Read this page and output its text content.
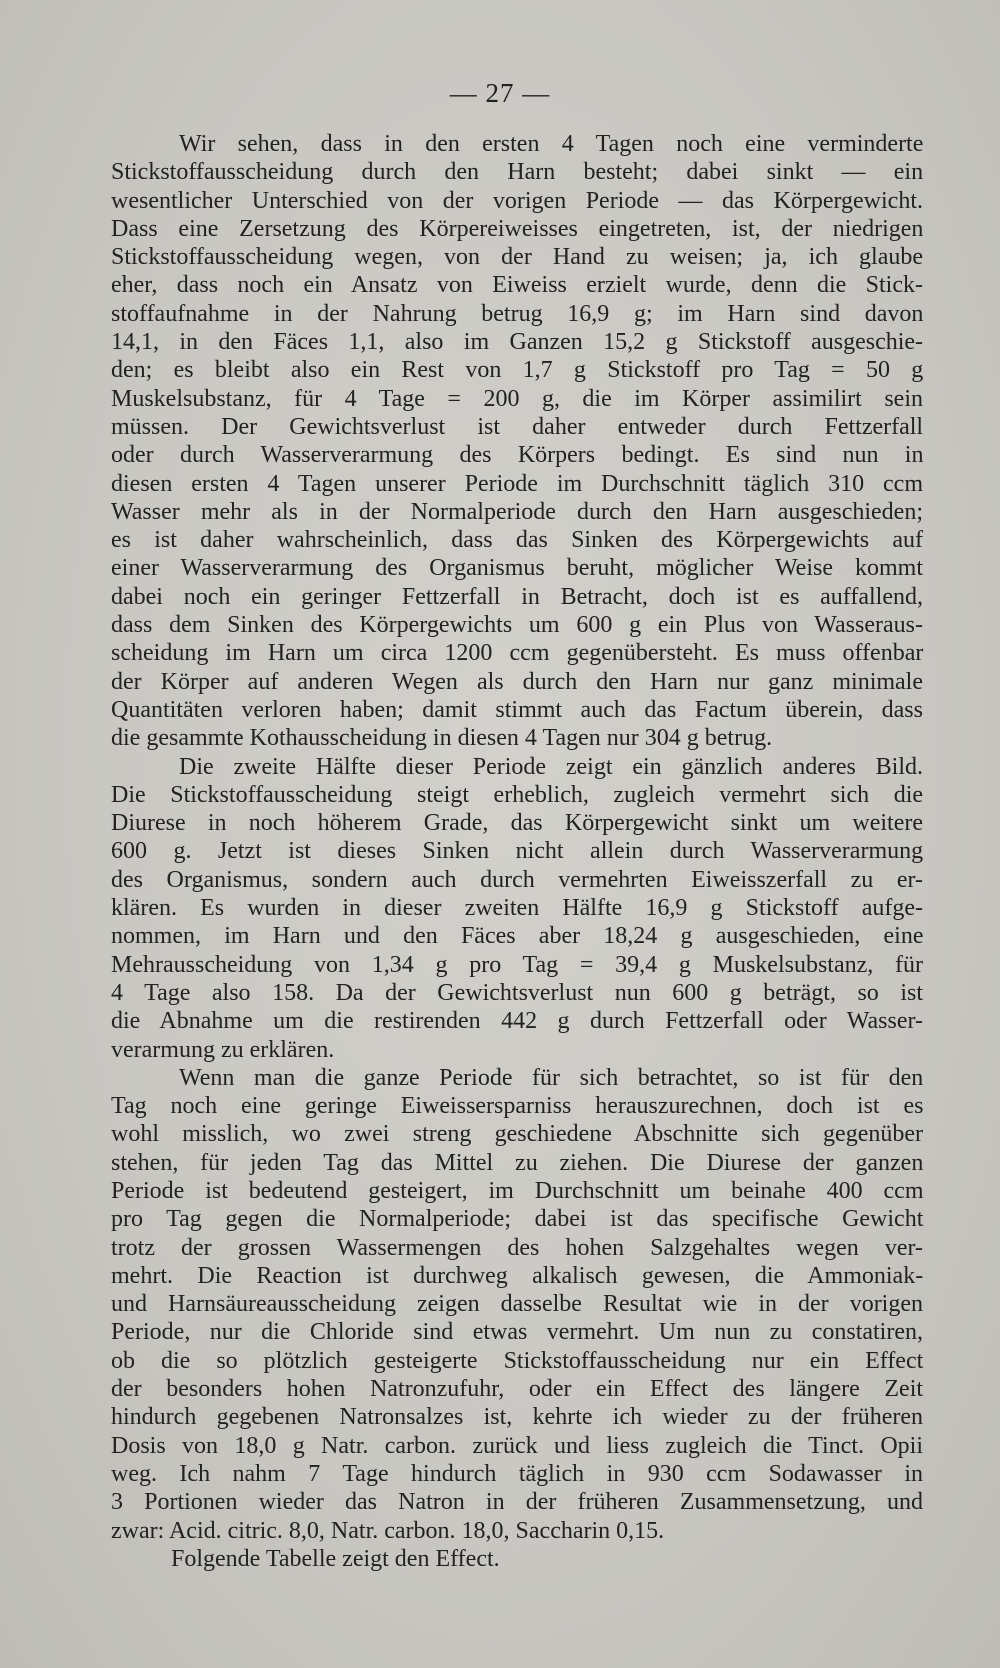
— 27 —

Wir sehen, dass in den ersten 4 Tagen noch eine verminderte
Stickstoffausscheidung durch den Harn besteht; dabei sinkt — ein
wesentlicher Unterschied von der vorigen Periode — das Körpergewicht.
Dass eine Zersetzung des Körpereiweisses eingetreten, ist, der niedrigen
Stickstoffausscheidung wegen, von der Hand zu weisen; ja, ich glaube
eher, dass noch ein Ansatz von Eiweiss erzielt wurde, denn die Stick-
stoffaufnahme in der Nahrung betrug 16,9 g; im Harn sind davon
14,1, in den Fäces 1,1, also im Ganzen 15,2 g Stickstoff ausgeschie-
den; es bleibt also ein Rest von 1,7 g Stickstoff pro Tag = 50 g
Muskelsubstanz, für 4 Tage = 200 g, die im Körper assimilirt sein
müssen. Der Gewichtsverlust ist daher entweder durch Fettzerfall
oder durch Wasserverarmung des Körpers bedingt. Es sind nun in
diesen ersten 4 Tagen unserer Periode im Durchschnitt täglich 310 ccm
Wasser mehr als in der Normalperiode durch den Harn ausgeschieden;
es ist daher wahrscheinlich, dass das Sinken des Körpergewichts auf
einer Wasserverarmung des Organismus beruht, möglicher Weise kommt
dabei noch ein geringer Fettzerfall in Betracht, doch ist es auffallend,
dass dem Sinken des Körpergewichts um 600 g ein Plus von Wasseraus-
scheidung im Harn um circa 1200 ccm gegenübersteht. Es muss offenbar
der Körper auf anderen Wegen als durch den Harn nur ganz minimale
Quantitäten verloren haben; damit stimmt auch das Factum überein, dass
die gesammte Kothausscheidung in diesen 4 Tagen nur 304 g betrug.

Die zweite Hälfte dieser Periode zeigt ein gänzlich anderes Bild.
Die Stickstoffausscheidung steigt erheblich, zugleich vermehrt sich die
Diurese in noch höherem Grade, das Körpergewicht sinkt um weitere
600 g. Jetzt ist dieses Sinken nicht allein durch Wasserverarmung
des Organismus, sondern auch durch vermehrten Eiweisszerfall zu er-
klären. Es wurden in dieser zweiten Hälfte 16,9 g Stickstoff aufge-
nommen, im Harn und den Fäces aber 18,24 g ausgeschieden, eine
Mehrausscheidung von 1,34 g pro Tag = 39,4 g Muskelsubstanz, für
4 Tage also 158. Da der Gewichtsverlust nun 600 g beträgt, so ist
die Abnahme um die restirenden 442 g durch Fettzerfall oder Wasser-
verarmung zu erklären.

Wenn man die ganze Periode für sich betrachtet, so ist für den
Tag noch eine geringe Eiweissersparniss herauszurechnen, doch ist es
wohl misslich, wo zwei streng geschiedene Abschnitte sich gegenüber
stehen, für jeden Tag das Mittel zu ziehen. Die Diurese der ganzen
Periode ist bedeutend gesteigert, im Durchschnitt um beinahe 400 ccm
pro Tag gegen die Normalperiode; dabei ist das specifische Gewicht
trotz der grossen Wassermengen des hohen Salzgehaltes wegen ver-
mehrt. Die Reaction ist durchweg alkalisch gewesen, die Ammoniak-
und Harnsäureausscheidung zeigen dasselbe Resultat wie in der vorigen
Periode, nur die Chloride sind etwas vermehrt. Um nun zu constatiren,
ob die so plötzlich gesteigerte Stickstoffausscheidung nur ein Effect
der besonders hohen Natronzufuhr, oder ein Effect des längere Zeit
hindurch gegebenen Natronsalzes ist, kehrte ich wieder zu der früheren
Dosis von 18,0 g Natr. carbon. zurück und liess zugleich die Tinct. Opii
weg. Ich nahm 7 Tage hindurch täglich in 930 ccm Sodawasser in
3 Portionen wieder das Natron in der früheren Zusammensetzung, und
zwar: Acid. citric. 8,0, Natr. carbon. 18,0, Saccharin 0,15.

Folgende Tabelle zeigt den Effect.
